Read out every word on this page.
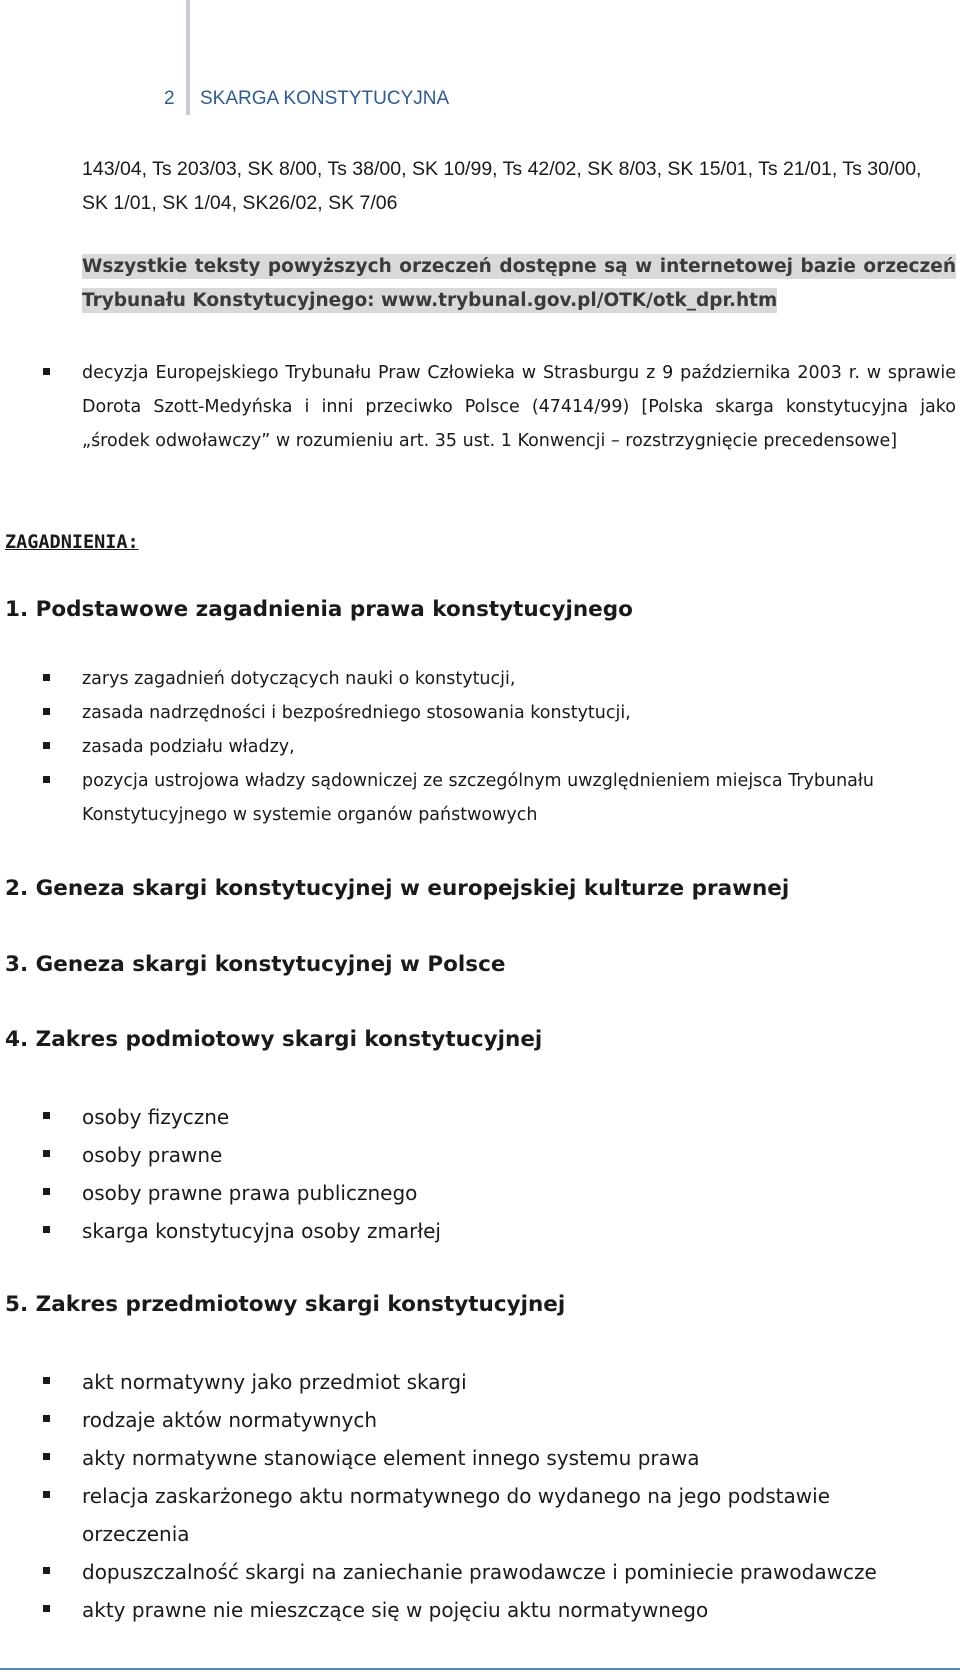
2 SKARGA KONSTYTUCYJNA
143/04, Ts 203/03, SK 8/00, Ts 38/00, SK 10/99, Ts 42/02, SK 8/03, SK 15/01, Ts 21/01, Ts 30/00, SK 1/01, SK 1/04, SK26/02, SK 7/06
Wszystkie teksty powyższych orzeczeń dostępne są w internetowej bazie orzeczeń Trybunału Konstytucyjnego: www.trybunal.gov.pl/OTK/otk_dpr.htm
decyzja Europejskiego Trybunału Praw Człowieka w Strasburgu z 9 października 2003 r. w sprawie Dorota Szott-Medyńska i inni przeciwko Polsce (47414/99) [Polska skarga konstytucyjna jako „środek odwoławczy” w rozumieniu art. 35 ust. 1 Konwencji – rozstrzygnięcie precedensowe]
ZAGADNIENIA:
1. Podstawowe zagadnienia prawa konstytucyjnego
zarys zagadnień dotyczących nauki o konstytucji,
zasada nadrzędności i bezpośredniego stosowania konstytucji,
zasada podziału władzy,
pozycja ustrojowa władzy sądowniczej ze szczególnym uwzględnieniem miejsca Trybunału Konstytucyjnego w systemie organów państwowych
2. Geneza skargi konstytucyjnej w europejskiej kulturze prawnej
3. Geneza skargi konstytucyjnej w Polsce
4. Zakres podmiotowy skargi konstytucyjnej
osoby fizyczne
osoby prawne
osoby prawne prawa publicznego
skarga konstytucyjna osoby zmarłej
5. Zakres przedmiotowy skargi konstytucyjnej
akt normatywny jako przedmiot skargi
rodzaje aktów normatywnych
akty normatywne stanowiące element innego systemu prawa
relacja zaskarżonego aktu normatywnego do wydanego na jego podstawie orzeczenia
dopuszczalność skargi na zaniechanie prawodawcze i pominiecie prawodawcze
akty prawne nie mieszczące się w pojęciu aktu normatywnego
